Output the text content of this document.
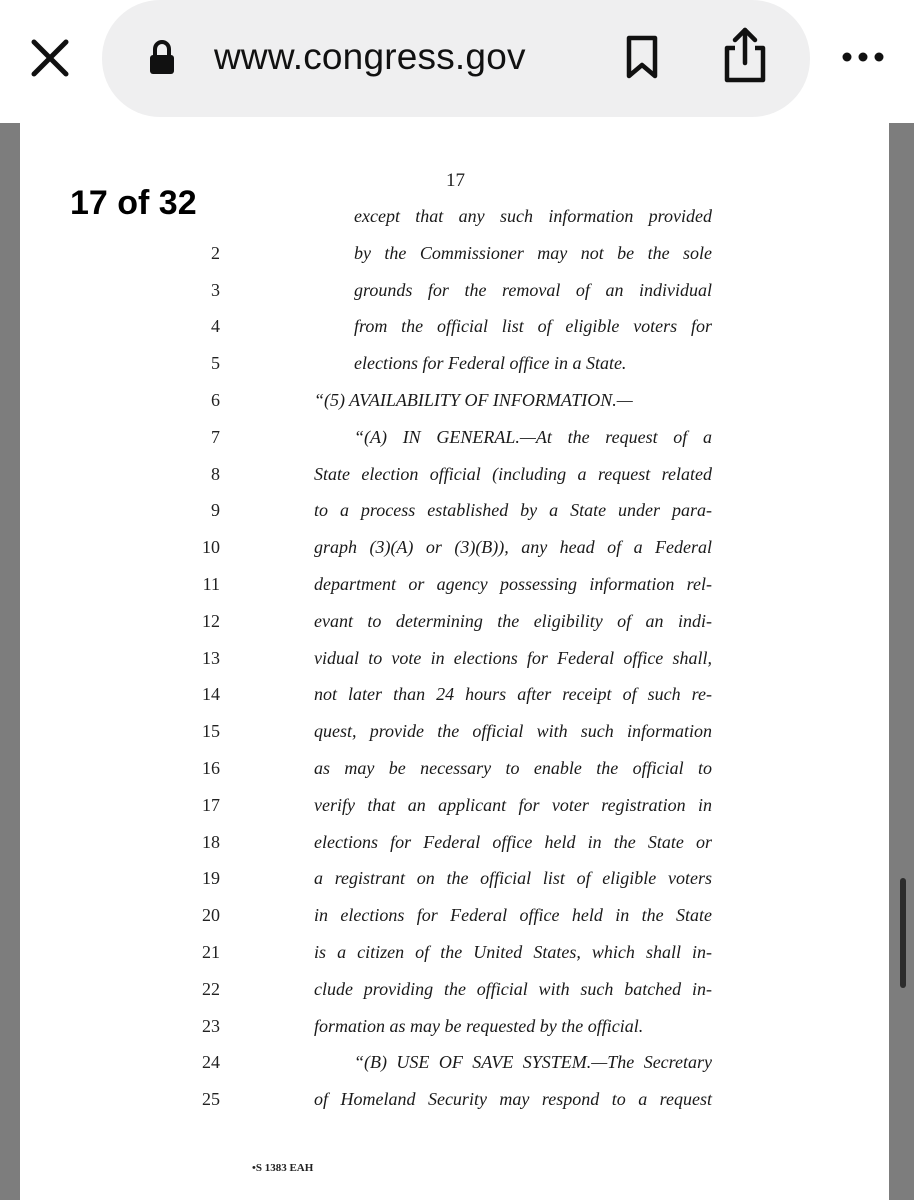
www.congress.gov
17
17 of 32	except that any such information provided
2	by the Commissioner may not be the sole
3	grounds for the removal of an individual
4	from the official list of eligible voters for
5	elections for Federal office in a State.
6	“(5) AVAILABILITY OF INFORMATION.—
7	“(A) IN GENERAL.—At the request of a
8	State election official (including a request related
9	to a process established by a State under para-
10	graph (3)(A) or (3)(B)), any head of a Federal
11	department or agency possessing information rel-
12	evant to determining the eligibility of an indi-
13	vidual to vote in elections for Federal office shall,
14	not later than 24 hours after receipt of such re-
15	quest, provide the official with such information
16	as may be necessary to enable the official to
17	verify that an applicant for voter registration in
18	elections for Federal office held in the State or
19	a registrant on the official list of eligible voters
20	in elections for Federal office held in the State
21	is a citizen of the United States, which shall in-
22	clude providing the official with such batched in-
23	formation as may be requested by the official.
24	“(B) USE OF SAVE SYSTEM.—The Secretary
25	of Homeland Security may respond to a request
•S 1383 EAH
